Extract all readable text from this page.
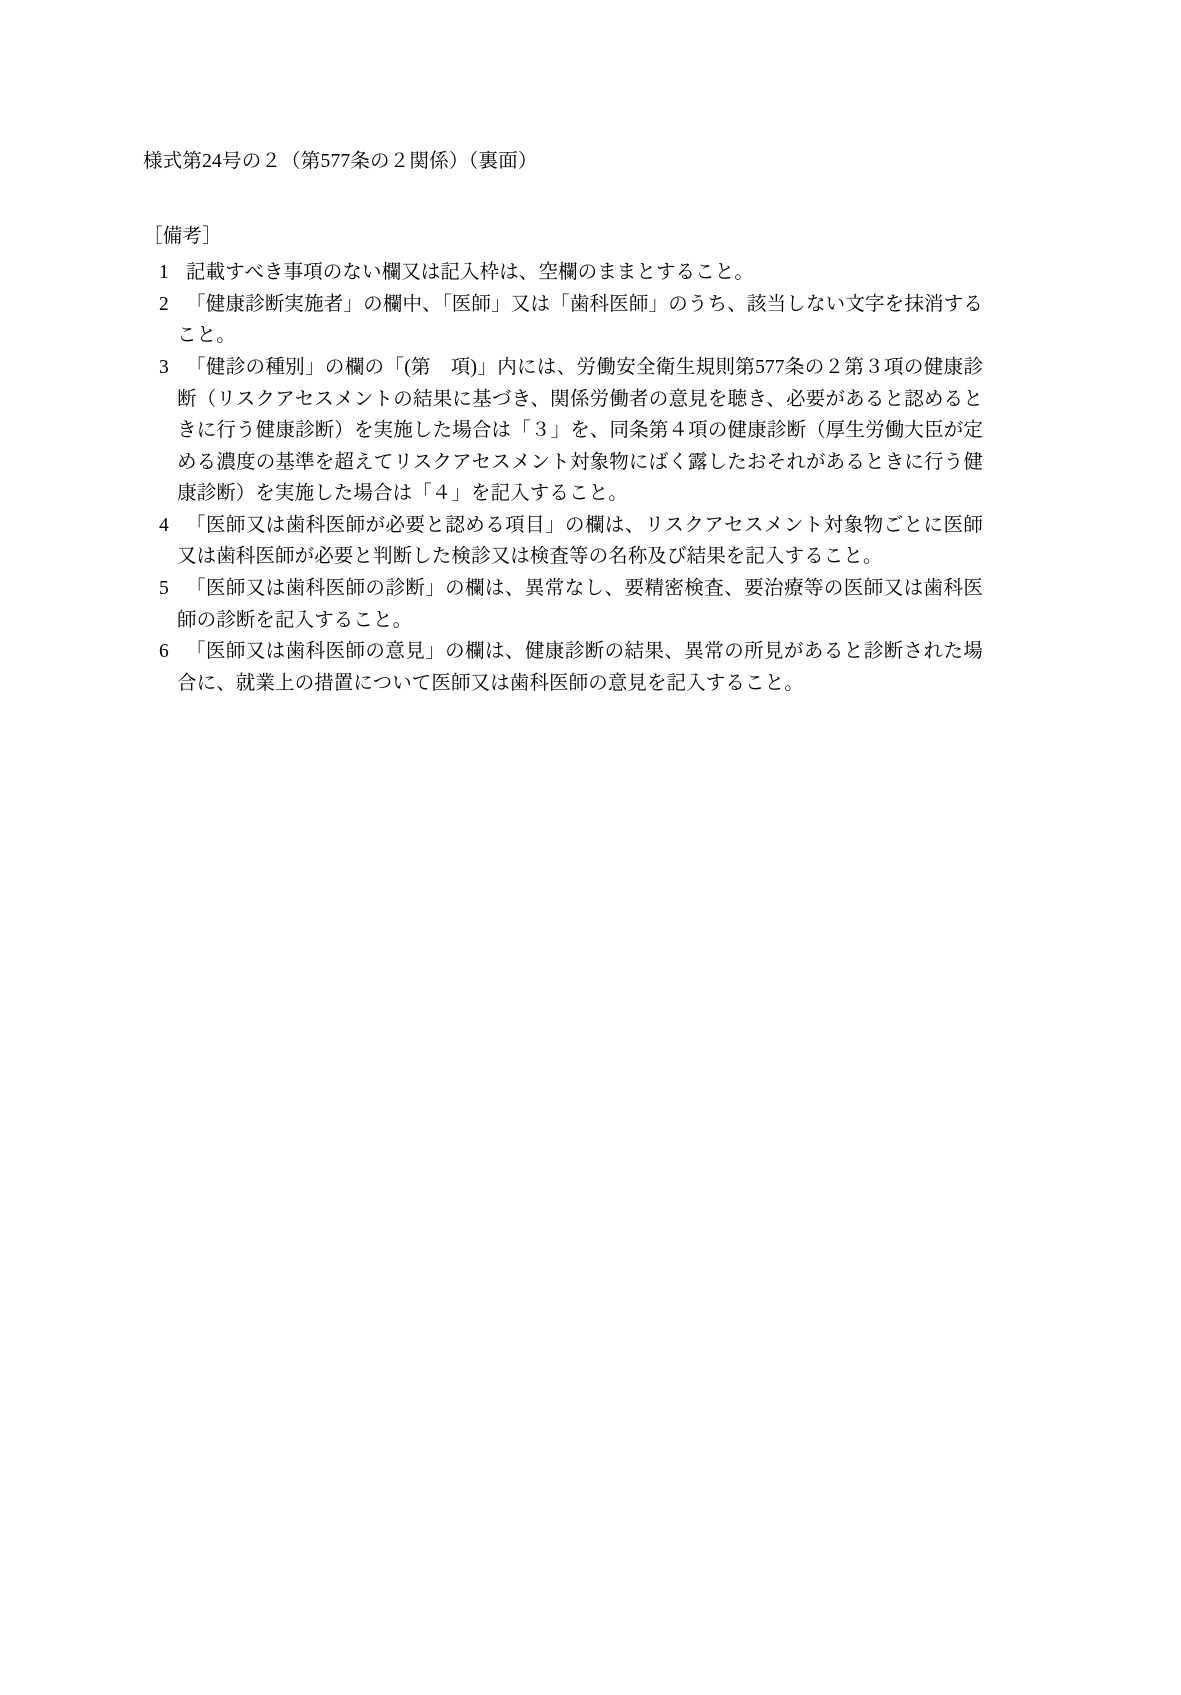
様式第24号の２（第577条の２関係）（裏面）
［備考］
1 記載すべき事項のない欄又は記入枠は、空欄のままとすること。
2 「健康診断実施者」の欄中、「医師」又は「歯科医師」のうち、該当しない文字を抹消すること。
3 「健診の種別」の欄の「(第　項)」内には、労働安全衛生規則第577条の２第３項の健康診断（リスクアセスメントの結果に基づき、関係労働者の意見を聴き、必要があると認めるときに行う健康診断）を実施した場合は「３」を、同条第４項の健康診断（厚生労働大臣が定める濃度の基準を超えてリスクアセスメント対象物にばく露したおそれがあるときに行う健康診断）を実施した場合は「４」を記入すること。
4 「医師又は歯科医師が必要と認める項目」の欄は、リスクアセスメント対象物ごとに医師又は歯科医師が必要と判断した検診又は検査等の名称及び結果を記入すること。
5 「医師又は歯科医師の診断」の欄は、異常なし、要精密検査、要治療等の医師又は歯科医師の診断を記入すること。
6 「医師又は歯科医師の意見」の欄は、健康診断の結果、異常の所見があると診断された場合に、就業上の措置について医師又は歯科医師の意見を記入すること。
